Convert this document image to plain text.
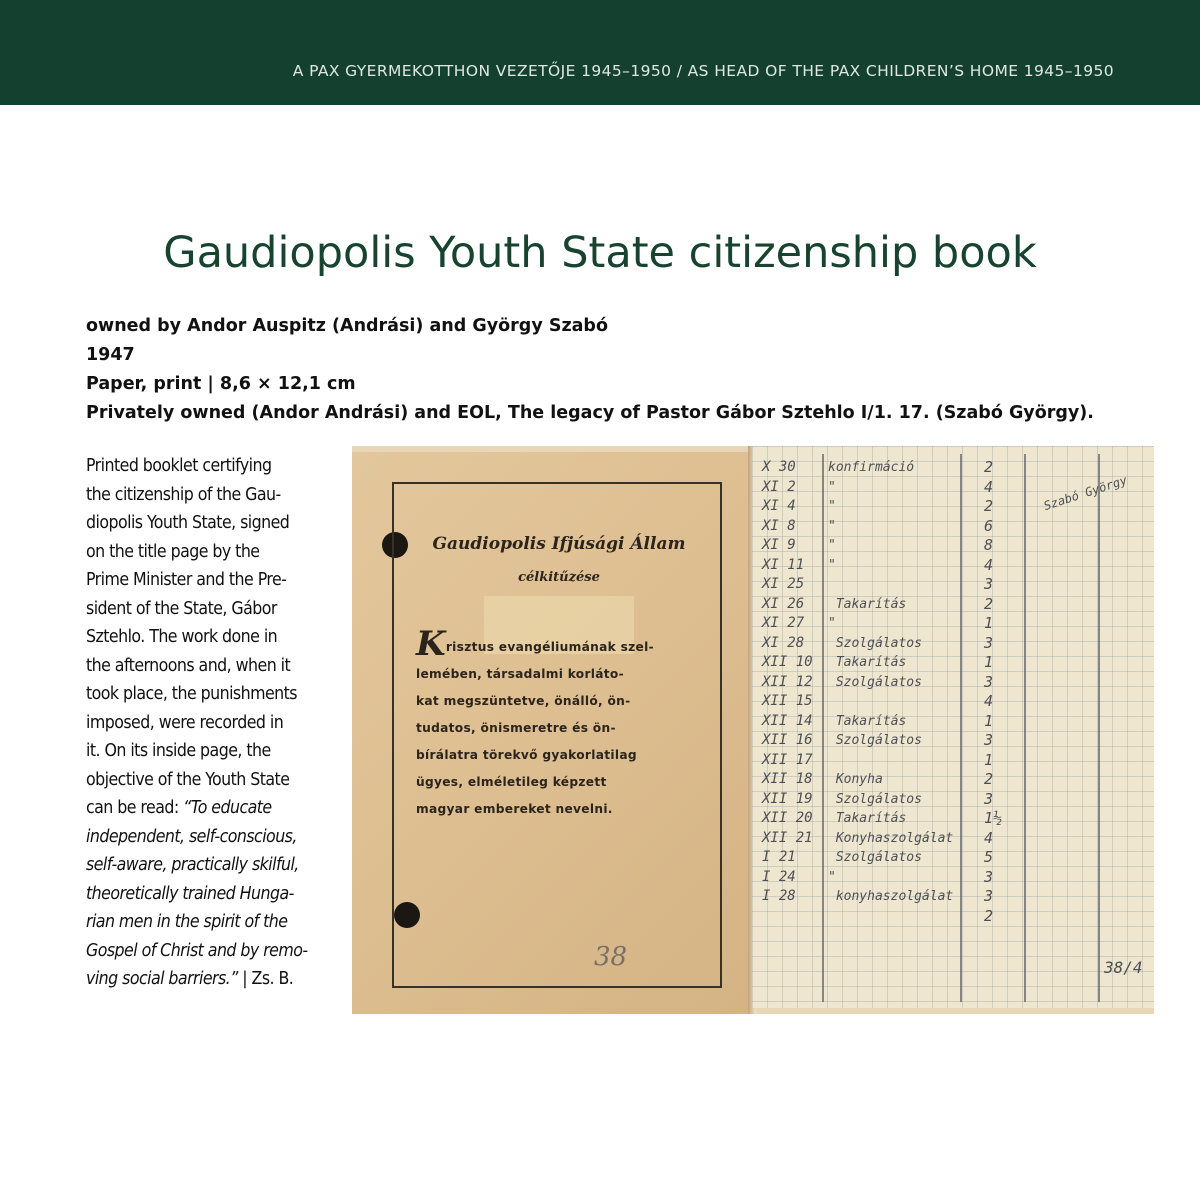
A PAX GYERMEKOTTHON VEZETŐJE 1945–1950 / AS HEAD OF THE PAX CHILDREN’S HOME 1945–1950
Gaudiopolis Youth State citizenship book
owned by Andor Auspitz (Andrási) and György Szabó
1947
Paper, print | 8,6 × 12,1 cm
Privately owned (Andor Andrási) and EOL, The legacy of Pastor Gábor Sztehlo I/1. 17. (Szabó György).
Printed booklet certifying
the citizenship of the Gau-
diopolis Youth State, signed
on the title page by the
Prime Minister and the Pre-
sident of the State, Gábor
Sztehlo. The work done in
the afternoons and, when it
took place, the punishments
imposed, were recorded in
it. On its inside page, the
objective of the Youth State
can be read: “To educate
independent, self-conscious,
self-aware, practically skilful,
theoretically trained Hunga-
rian men in the spirit of the
Gospel of Christ and by remo-
ving social barriers.” | Zs. B.
Gaudiopolis Ifjúsági Állam
célkitűzése
Krisztus evangéliumának szel-
lemében, társadalmi korláto-
kat megszüntetve, önálló, ön-
tudatos, önismeretre és ön-
bírálatra törekvő gyakorlatilag
ügyes, elméletileg képzett
magyar embereket nevelni.
38
X 30
XI 2
XI 4
XI 8
XI 9
XI 11
XI 25
XI 26
XI 27
XI 28
XII 10
XII 12
XII 15
XII 14
XII 16
XII 17
XII 18
XII 19
XII 20
XII 21
I 21
I 24
I 28
konfirmáció
"
"
"
"
"

Takarítás
"
Szolgálatos
Takarítás
Szolgálatos

Takarítás
Szolgálatos

Konyha
Szolgálatos
Takarítás
Konyhaszolgálat
Szolgálatos
"
konyhaszolgálat
2
4
2
6
8
4
3
2
1
3
1
3
4
1
3
1
2
3
1½
4
5
3
3
2
Szabó György
38/4
